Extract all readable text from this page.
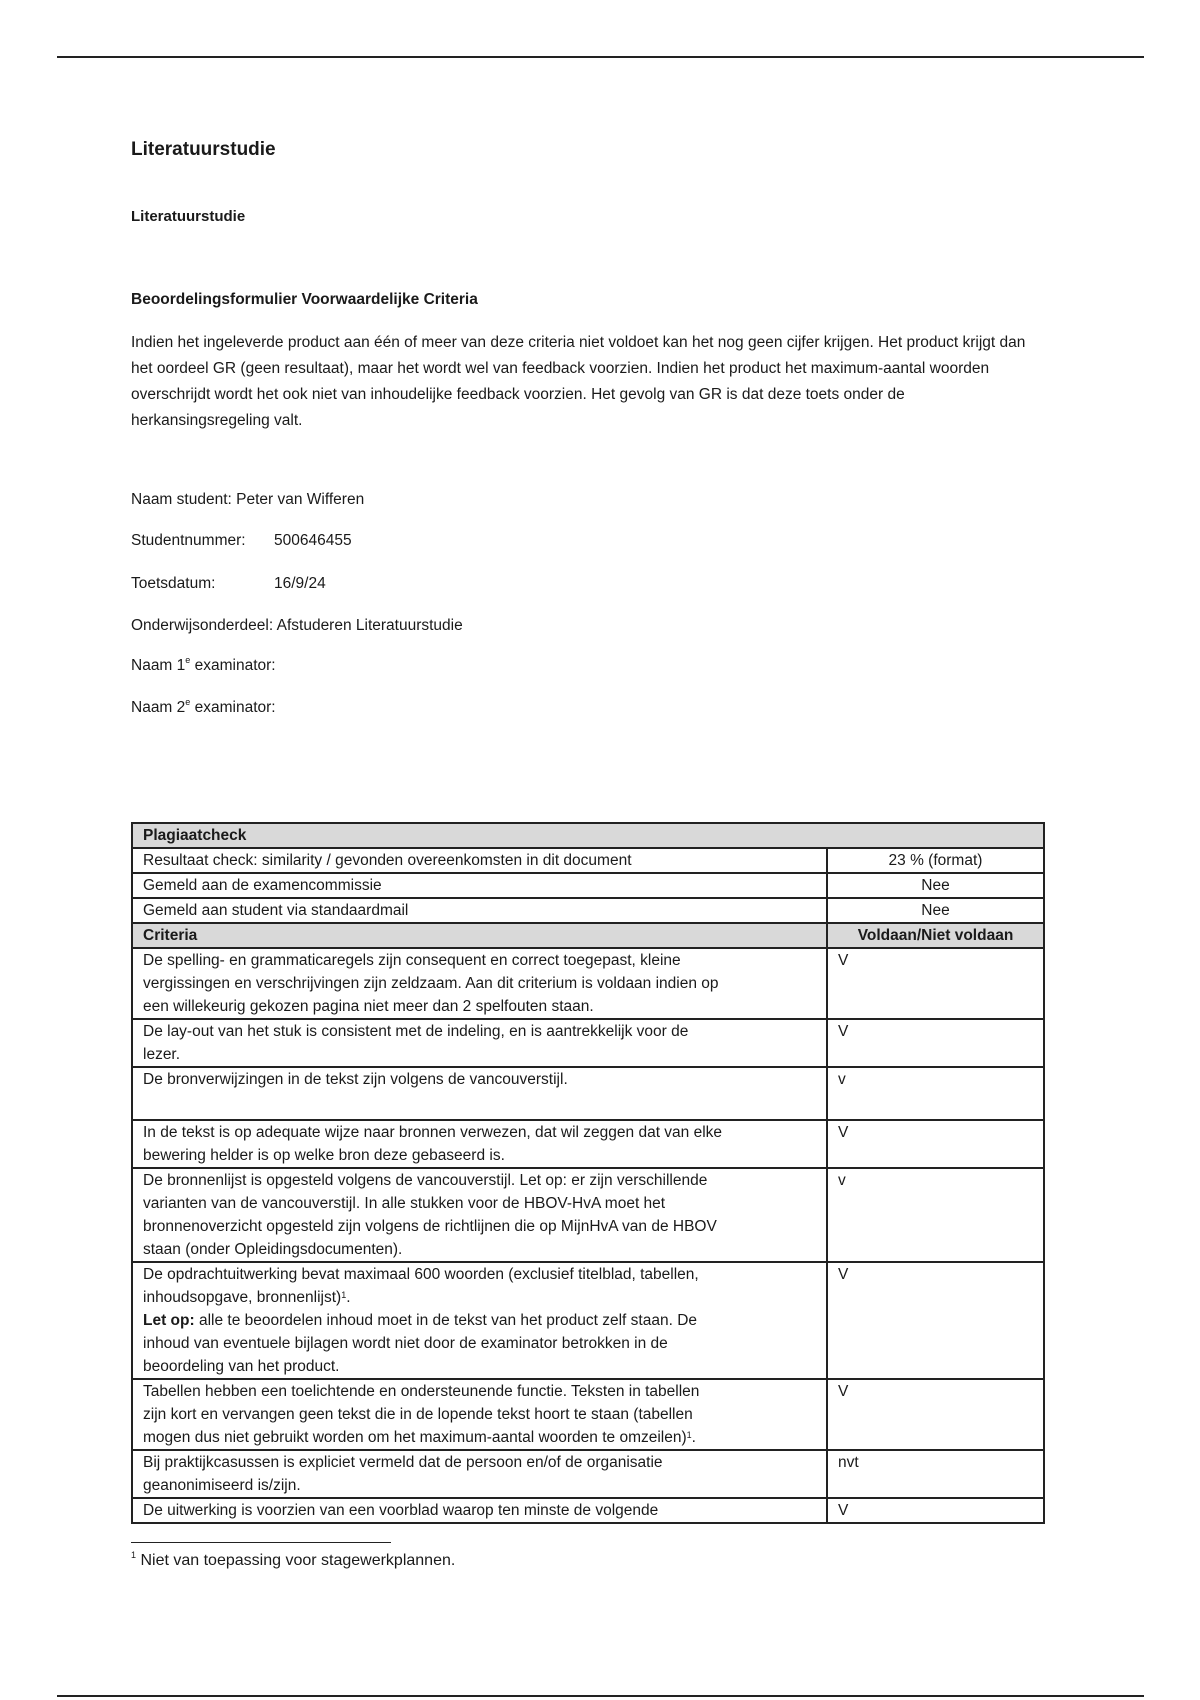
Literatuurstudie
Literatuurstudie
Beoordelingsformulier Voorwaardelijke Criteria
Indien het ingeleverde product aan één of meer van deze criteria niet voldoet kan het nog geen cijfer krijgen. Het product krijgt dan
het oordeel GR (geen resultaat), maar het wordt wel van feedback voorzien. Indien het product het maximum-aantal woorden
overschrijdt wordt het ook niet van inhoudelijke feedback voorzien. Het gevolg van GR is dat deze toets onder de
herkansingsregeling valt.
Naam student: Peter van Wifferen
Studentnummer: 500646455
Toetsdatum:	16/9/24
Onderwijsonderdeel: Afstuderen Literatuurstudie
Naam 1e examinator:
Naam 2e examinator:
Plagiaatcheck	
Resultaat check: similarity / gevonden overeenkomsten in dit document	23 % (format)
Gemeld aan de examencommissie	Nee
Gemeld aan student via standaardmail	Nee
Criteria	Voldaan/Niet voldaan

De spelling- en grammaticaregels zijn consequent en correct toegepast, kleine
vergissingen en verschrijvingen zijn zeldzaam. Aan dit criterium is voldaan indien op
een willekeurig gekozen pagina niet meer dan 2 spelfouten staan.	V

De lay-out van het stuk is consistent met de indeling, en is aantrekkelijk voor de
lezer.	V

De bronverwijzingen in de tekst zijn volgens de vancouverstijl.	v

In de tekst is op adequate wijze naar bronnen verwezen, dat wil zeggen dat van elke
bewering helder is op welke bron deze gebaseerd is.	V

De bronnenlijst is opgesteld volgens de vancouverstijl. Let op: er zijn verschillende
varianten van de vancouverstijl. In alle stukken voor de HBOV-HvA moet het
bronnenoverzicht opgesteld zijn volgens de richtlijnen die op MijnHvA van de HBOV
staan (onder Opleidingsdocumenten).	v

De opdrachtuitwerking bevat maximaal 600 woorden (exclusief titelblad, tabellen,
inhoudsopgave, bronnenlijst)$^1$.
Let op: alle te beoordelen inhoud moet in de tekst van het product zelf staan. De
inhoud van eventuele bijlagen wordt niet door de examinator betrokken in de
beoordeling van het product.	V

Tabellen hebben een toelichtende en ondersteunende functie. Teksten in tabellen
zijn kort en vervangen geen tekst die in de lopende tekst hoort te staan (tabellen
mogen dus niet gebruikt worden om het maximum-aantal woorden te omzeilen)$^1$.	V

Bij praktijkcasussen is expliciet vermeld dat de persoon en/of de organisatie
geanonimiseerd is/zijn.	nvt

De uitwerking is voorzien van een voorblad waarop ten minste de volgende	V
$^1$ Niet van toepassing voor stagewerkplannen.
